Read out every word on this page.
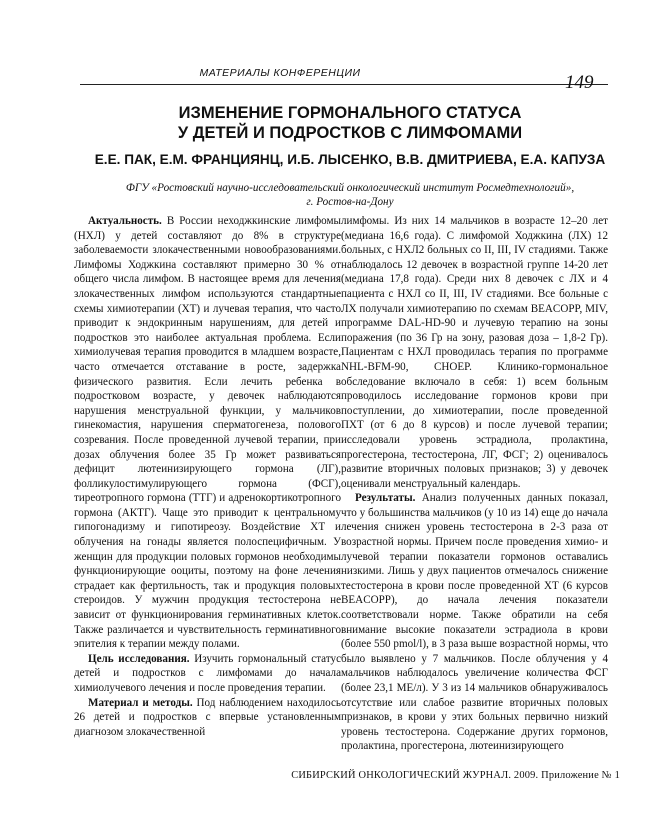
МАТЕРИАЛЫ КОНФЕРЕНЦИИ	149
ИЗМЕНЕНИЕ ГОРМОНАЛЬНОГО СТАТУСА
У ДЕТЕЙ И ПОДРОСТКОВ С ЛИМФОМАМИ
Е.Е. ПАК, Е.М. ФРАНЦИЯНЦ, И.Б. ЛЫСЕНКО, В.В. ДМИТРИЕВА, Е.А. КАПУЗА
ФГУ «Ростовский научно-исследовательский онкологический институт Росмедтехнологий»,
г. Ростов-на-Дону

Актуальность. В России неходжкинские лимфомы (НХЛ) у детей составляют до 8% в структуре заболеваемости злокачественными новообразованиями. Лимфомы Ходжкина составляют примерно 30 % от общего числа лимфом. В настоящее время для лечения злокачественных лимфом используются стандартные схемы химиотерапии (ХТ) и лучевая терапия, что часто приводит к эндокринным нарушениям, для детей и подростков это наиболее актуальная проблема. Если химиолучевая терапия проводится в младшем возрасте, часто отмечается отставание в росте, задержка физического развития. Если лечить ребенка в подростковом возрасте, у девочек наблюдаются нарушения менструальной функции, у мальчиков гинекомастия, нарушения сперматогенеза, полового созревания. После проведенной лучевой терапии, при дозах облучения более 35 Гр может развиваться дефицит лютеинизирующего гормона (ЛГ), фолликулостимулирующего гормона (ФСГ), тиреотропного гормона (ТТГ) и адренокортикотропного гормона (АКТГ). Чаще это приводит к центральному гипогонадизму и гипотиреозу. Воздействие ХТ и облучения на гонады является полоспецифичным. У женщин для продукции половых гормонов необходимы функционирующие ооциты, поэтому на фоне лечения страдает как фертильность, так и продукция половых стероидов. У мужчин продукция тестостерона не зависит от функционирования герминативных клеток. Также различается и чувствительность герминативного эпителия к терапии между полами.

Цель исследования. Изучить гормональный статус детей и подростков с лимфомами до начала химиолучевого лечения и после проведения терапии.

Материал и методы. Под наблюдением находилось 26 детей и подростков с впервые установленным диагнозом злокачественной

лимфомы. Из них 14 мальчиков в возрасте 12–20 лет (медиана 16,6 года). С лимфомой Ходжкина (ЛХ) 12 больных, с НХЛ2 больных со II, III, IV стадиями. Также наблюдалось 12 девочек в возрастной группе 14-20 лет (медиана 17,8 года). Среди них 8 девочек с ЛХ и 4 пациента с НХЛ со II, III, IV стадиями. Все больные с ЛХ получали химиотерапию по схемам BEACOPP, MIV, программе DAL-HD-90 и лучевую терапию на зоны поражения (по 36 Гр на зону, разовая доза – 1,8-2 Гр). Пациентам с НХЛ проводилась терапия по программе NHL-BFM-90, CHOEP. Клинико-гормональное обследование включало в себя: 1) всем больным проводилось исследование гормонов крови при поступлении, до химиотерапии, после проведенной ПХТ (от 6 до 8 курсов) и после лучевой терапии; исследовали уровень эстрадиола, пролактина, прогестерона, тестостерона, ЛГ, ФСГ; 2) оценивалось развитие вторичных половых признаков; 3) у девочек оценивали менструальный календарь.

Результаты. Анализ полученных данных показал, что у большинства мальчиков (у 10 из 14) еще до начала лечения снижен уровень тестостерона в 2-3 раза от возрастной нормы. Причем после проведения химио- и лучевой терапии показатели гормонов оставались низкими. Лишь у двух пациентов отмечалось снижение тестостерона в крови после проведенной ХТ (6 курсов BEACOPP), до начала лечения показатели соответствовали норме. Также обратили на себя внимание высокие показатели эстрадиола в крови (более 550 pmol/l), в 3 раза выше возрастной нормы, что было выявлено у 7 мальчиков. После облучения у 4 мальчиков наблюдалось увеличение количества ФСГ (более 23,1 МЕ/л). У 3 из 14 мальчиков обнаруживалось отсутствие или слабое развитие вторичных половых признаков, в крови у этих больных первично низкий уровень тестостерона. Содержание других гормонов, пролактина, прогестерона, лютеинизирующего

СИБИРСКИЙ ОНКОЛОГИЧЕСКИЙ ЖУРНАЛ. 2009. Приложение № 1
